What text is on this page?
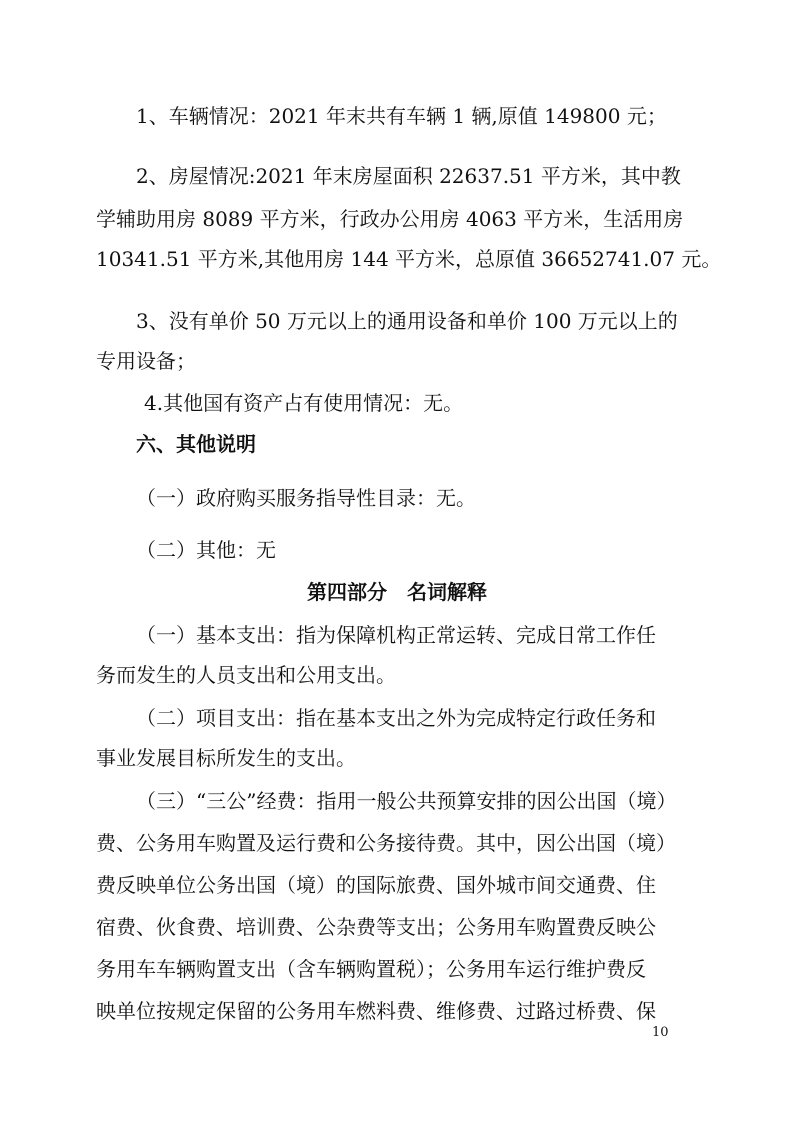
1、车辆情况：2021 年末共有车辆 1 辆,原值 149800 元；
2、房屋情况:2021 年末房屋面积 22637.51 平方米，其中教
学辅助用房 8089 平方米，行政办公用房 4063 平方米，生活用房
10341.51 平方米,其他用房 144 平方米，总原值 36652741.07 元。
3、没有单价 50 万元以上的通用设备和单价 100 万元以上的
专用设备；
4.其他国有资产占有使用情况：无。
六、其他说明
（一）政府购买服务指导性目录：无。
（二）其他：无
第四部分　名词解释
（一）基本支出：指为保障机构正常运转、完成日常工作任
务而发生的人员支出和公用支出。
（二）项目支出：指在基本支出之外为完成特定行政任务和
事业发展目标所发生的支出。
（三）“三公”经费：指用一般公共预算安排的因公出国（境）
费、公务用车购置及运行费和公务接待费。其中，因公出国（境）
费反映单位公务出国（境）的国际旅费、国外城市间交通费、住
宿费、伙食费、培训费、公杂费等支出；公务用车购置费反映公
务用车车辆购置支出（含车辆购置税）；公务用车运行维护费反
映单位按规定保留的公务用车燃料费、维修费、过路过桥费、保
10
